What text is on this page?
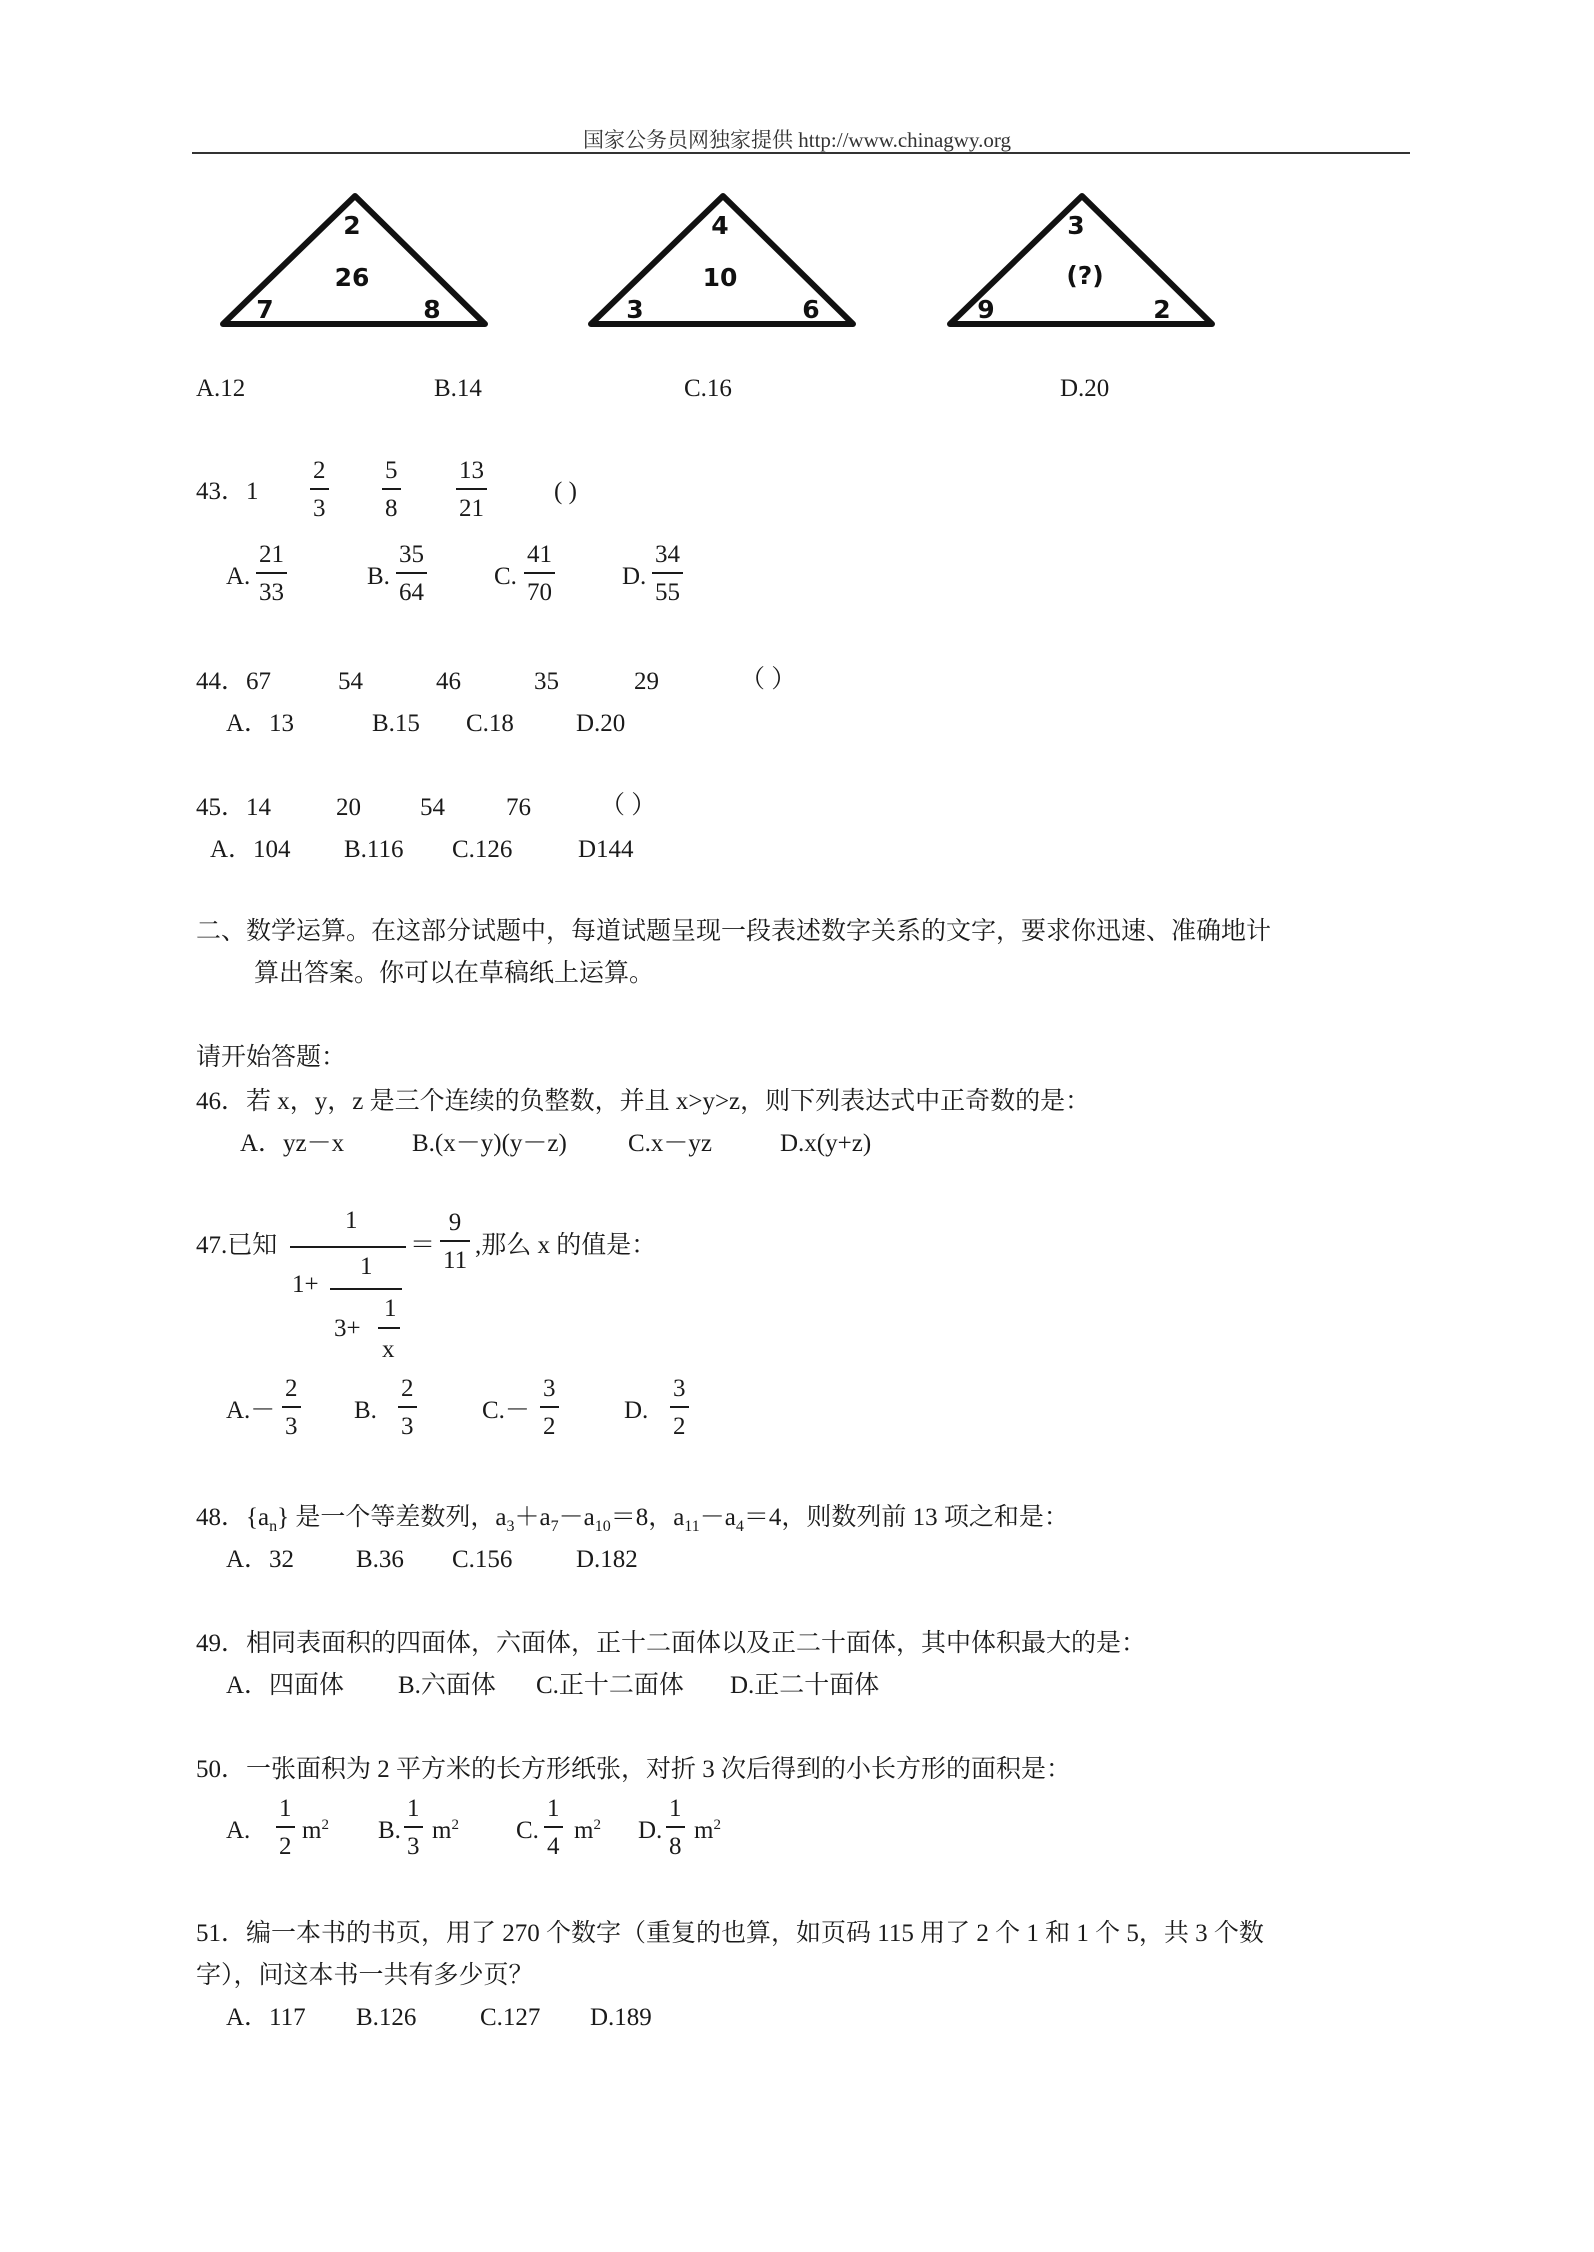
国家公务员网独家提供 http://www.chinagwy.org
2
26
7	8
4
10
3	6
3
(?)
9	2
A.12	B.14	C.16	D.20
43．1
2
3
5
8
13
21
( )
A.
21
33
B.
35
64
C.
41
70
D.
34
55
44．67	54	46	35	29	（ ）
A．13	B.15 C.18 D.20
45．14	20 54 76	（ ）
A．104 B.116 C.126	D144
二、数学运算。在这部分试题中，每道试题呈现一段表述数字关系的文字，要求你迅速、准确地计
算出答案。你可以在草稿纸上运算。
请开始答题：
46．若 x，y，z 是三个连续的负整数，并且 x>y>z，则下列表达式中正奇数的是：
A．yz－x	B.(x－y)(y－z) C.x－yz	D.x(y+z)
47.已知
1
1+
1
3+
1
x
＝
9
11
,那么 x 的值是：
A.－
2
3
B.
2
3
C.－
3
2
D.
3
2
48．$\{a_n\}$ 是一个等差数列，$a_3+a_7-a_{10}=8$，$a_{11}-a_4=4$，则数列前 13 项之和是：
A．32 B.36 C.156	D.182
49．相同表面积的四面体，六面体，正十二面体以及正二十面体，其中体积最大的是：
A．四面体 B.六面体 C.正十二面体 D.正二十面体
50．一张面积为 2 平方米的长方形纸张，对折 3 次后得到的小长方形的面积是：
A.
1
2
$m^2$ B.
1
3
$m^2$ C.
1
4
$m^2$ D.
1
8
$m^2$
51．编一本书的书页，用了 270 个数字（重复的也算，如页码 115 用了 2 个 1 和 1 个 5，共 3 个数
字），问这本书一共有多少页？
A．117 B.126	C.127 D.189
